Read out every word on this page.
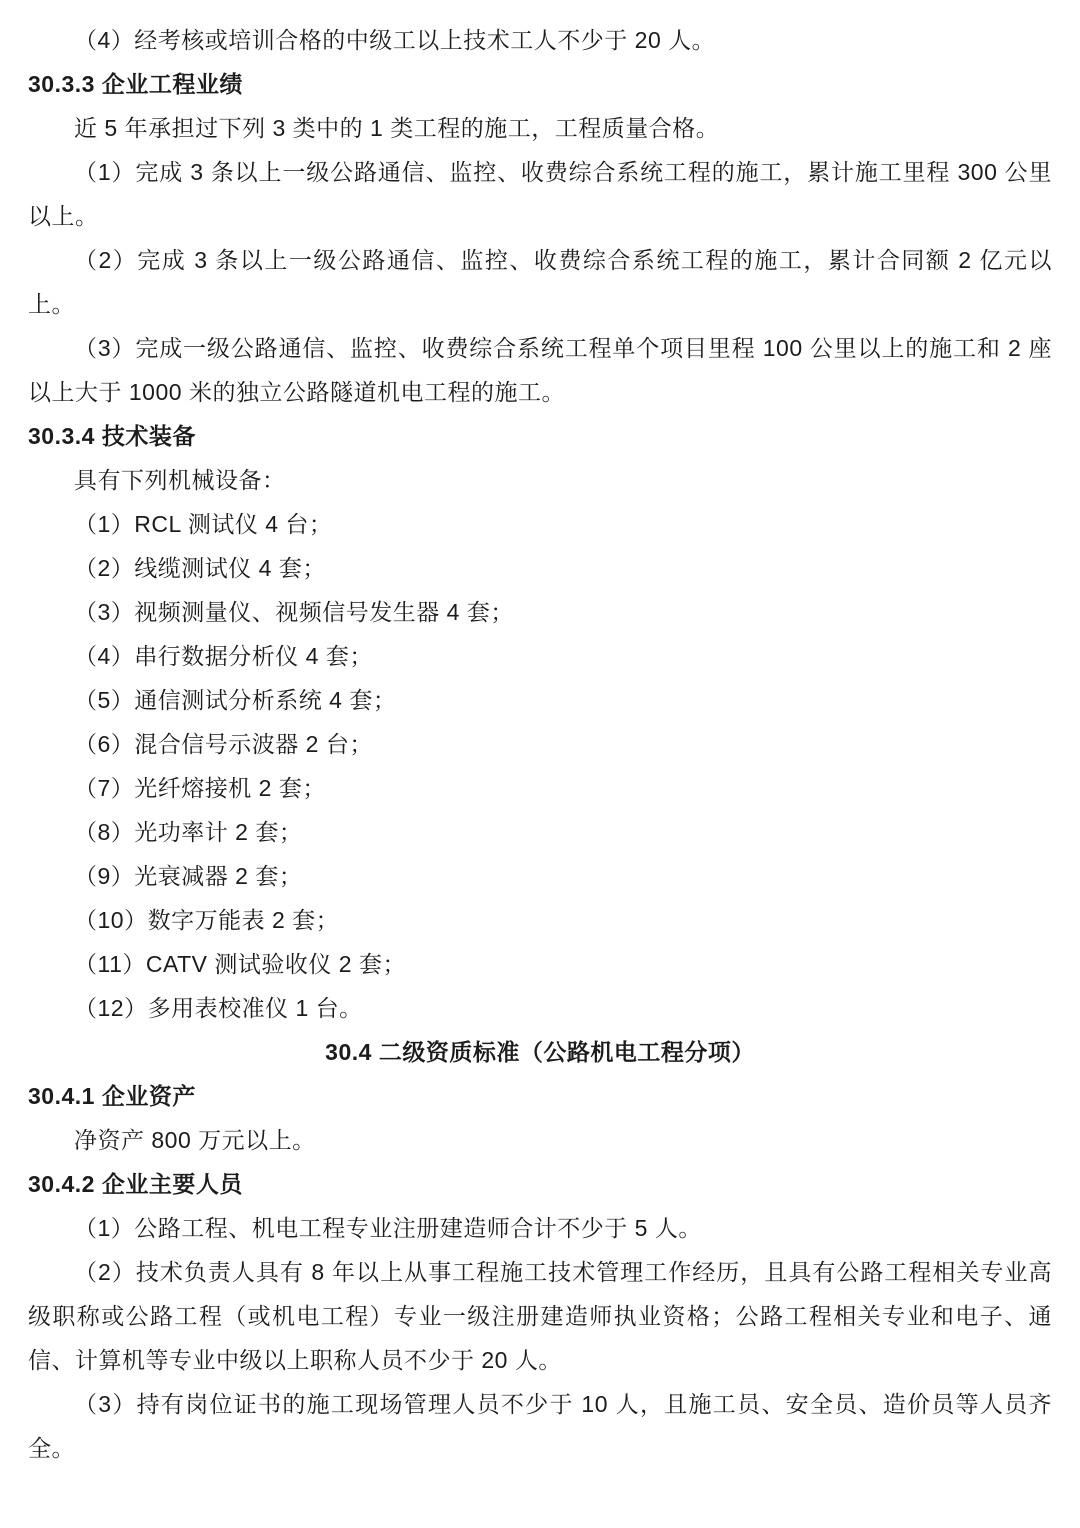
（4）经考核或培训合格的中级工以上技术工人不少于 20 人。

30.3.3 企业工程业绩

近 5 年承担过下列 3 类中的 1 类工程的施工，工程质量合格。

（1）完成 3 条以上一级公路通信、监控、收费综合系统工程的施工，累计施工里程 300 公里以上。

（2）完成 3 条以上一级公路通信、监控、收费综合系统工程的施工，累计合同额 2 亿元以上。

（3）完成一级公路通信、监控、收费综合系统工程单个项目里程 100 公里以上的施工和 2 座以上大于 1000 米的独立公路隧道机电工程的施工。

30.3.4 技术装备

具有下列机械设备：

（1）RCL 测试仪 4 台；

（2）线缆测试仪 4 套；

（3）视频测量仪、视频信号发生器 4 套；

（4）串行数据分析仪 4 套；

（5）通信测试分析系统 4 套；

（6）混合信号示波器 2 台；

（7）光纤熔接机 2 套；

（8）光功率计 2 套；

（9）光衰减器 2 套；

（10）数字万能表 2 套；

（11）CATV 测试验收仪 2 套；

（12）多用表校准仪 1 台。

30.4 二级资质标准（公路机电工程分项）

30.4.1 企业资产

净资产 800 万元以上。

30.4.2 企业主要人员

（1）公路工程、机电工程专业注册建造师合计不少于 5 人。

（2）技术负责人具有 8 年以上从事工程施工技术管理工作经历，且具有公路工程相关专业高级职称或公路工程（或机电工程）专业一级注册建造师执业资格；公路工程相关专业和电子、通信、计算机等专业中级以上职称人员不少于 20 人。

（3）持有岗位证书的施工现场管理人员不少于 10 人，且施工员、安全员、造价员等人员齐全。
